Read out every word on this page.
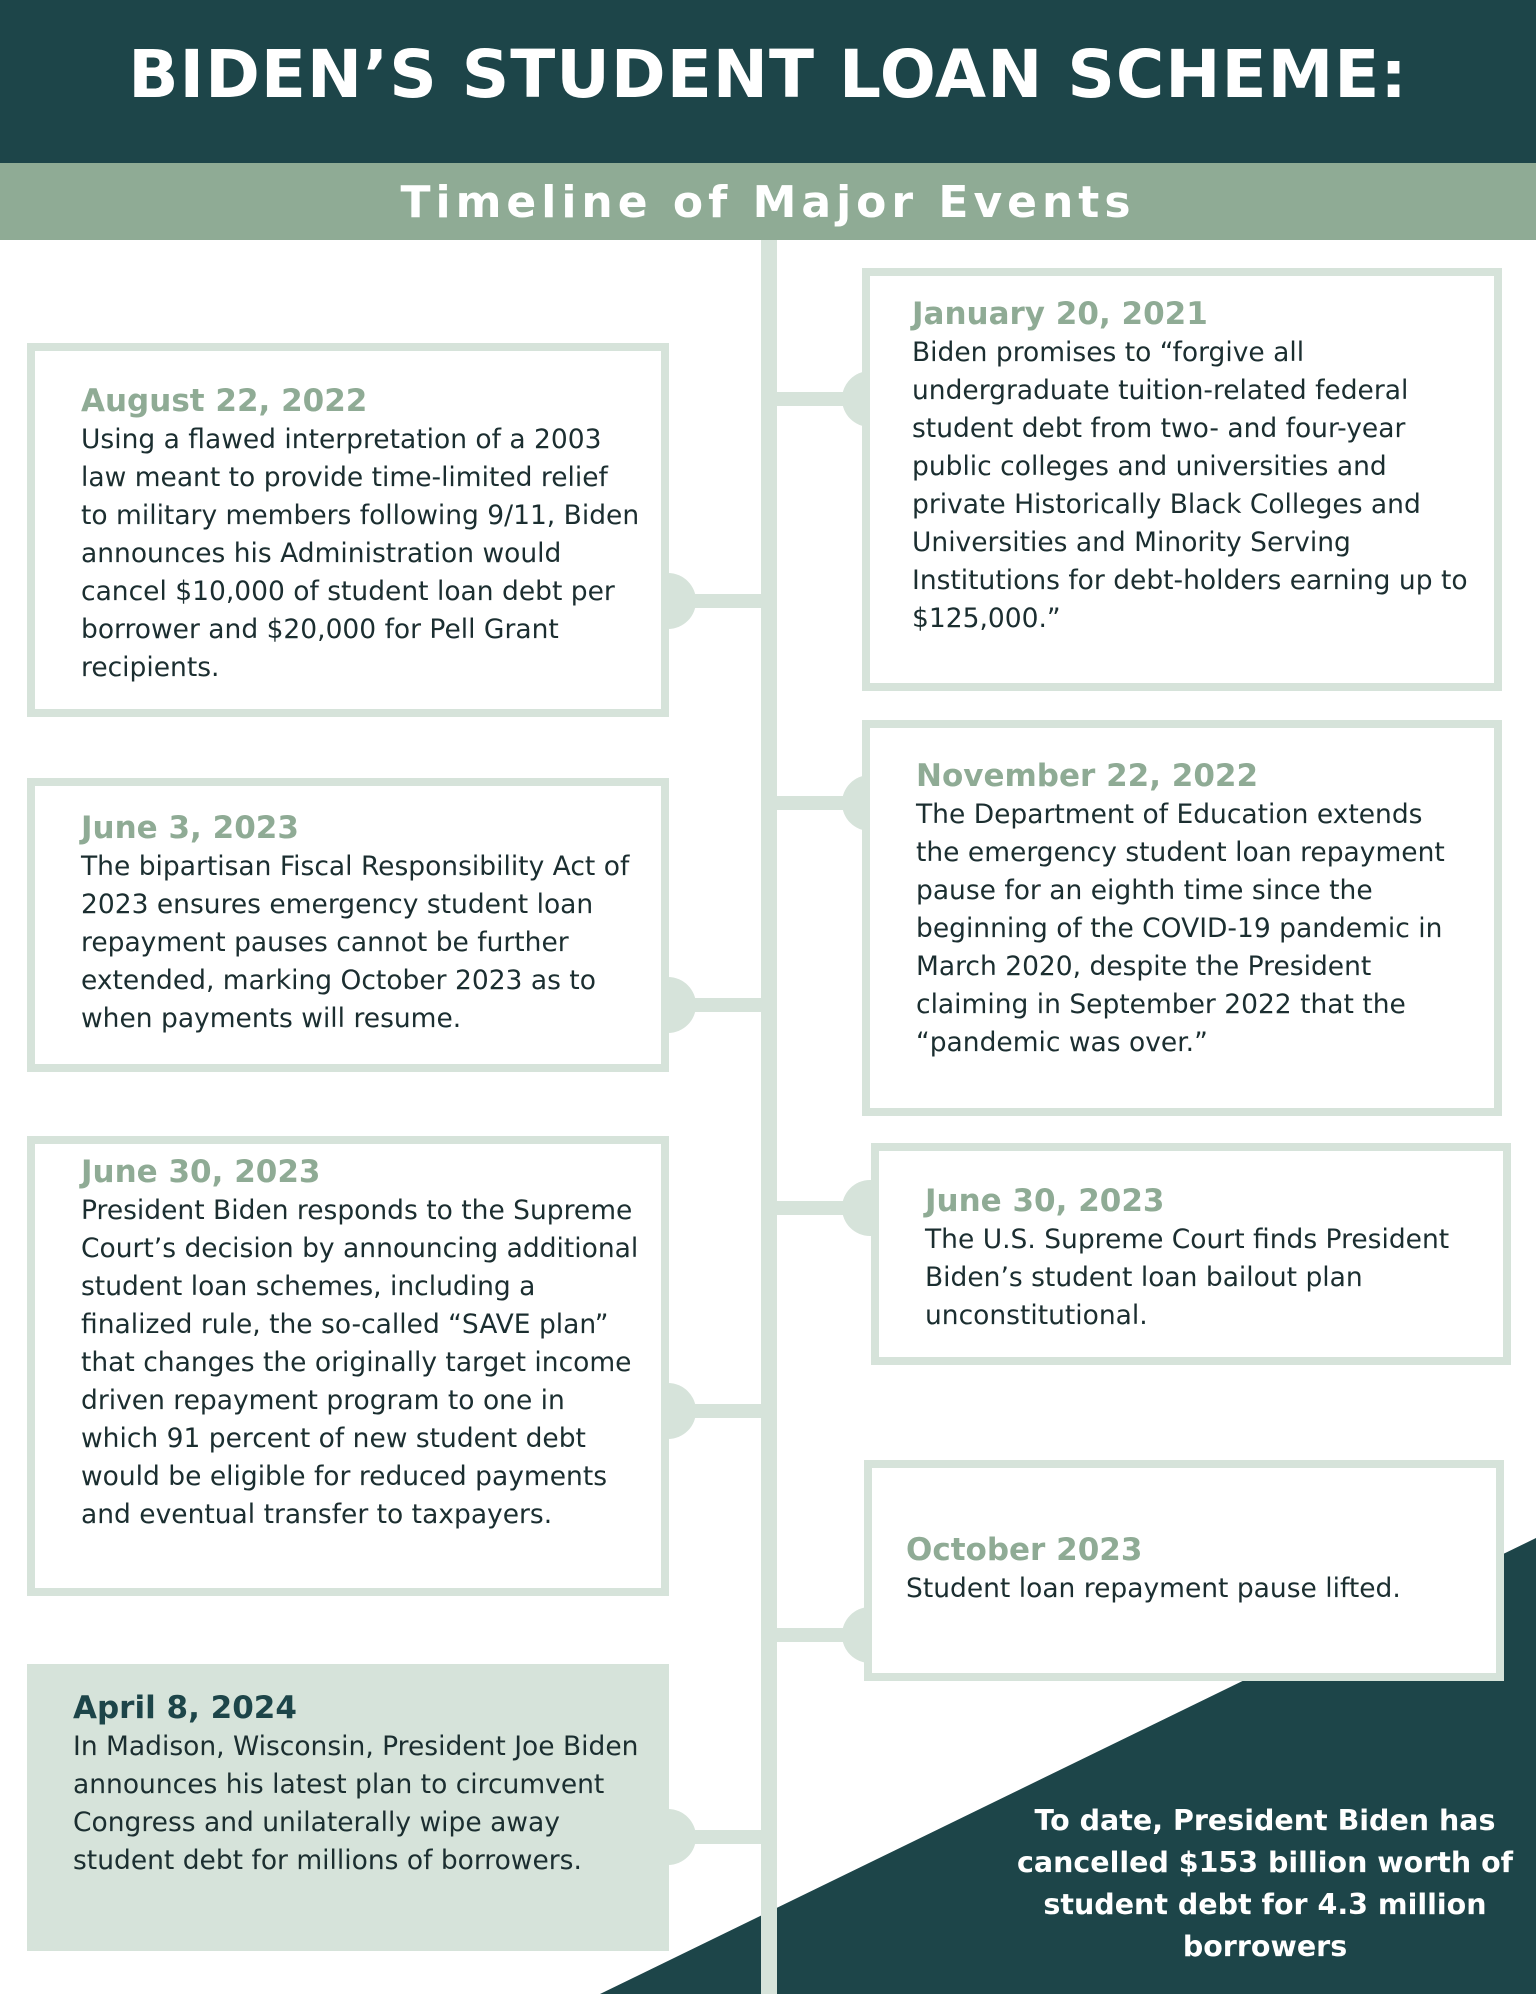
BIDEN’S STUDENT LOAN SCHEME:
Timeline of Major Events
August 22, 2022
Using a flawed interpretation of a 2003 law meant to provide time-limited relief to military members following 9/11, Biden announces his Administration would cancel $10,000 of student loan debt per borrower and $20,000 for Pell Grant recipients.
June 3, 2023
The bipartisan Fiscal Responsibility Act of 2023 ensures emergency student loan repayment pauses cannot be further extended, marking October 2023 as to when payments will resume.
June 30, 2023
President Biden responds to the Supreme Court’s decision by announcing additional student loan schemes, including a finalized rule, the so-called “SAVE plan” that changes the originally target income driven repayment program to one in which 91 percent of new student debt would be eligible for reduced payments and eventual transfer to taxpayers.
April 8, 2024
In Madison, Wisconsin, President Joe Biden announces his latest plan to circumvent Congress and unilaterally wipe away student debt for millions of borrowers.
January 20, 2021
Biden promises to “forgive all undergraduate tuition-related federal student debt from two- and four-year public colleges and universities and private Historically Black Colleges and Universities and Minority Serving Institutions for debt-holders earning up to $125,000.”
November 22, 2022
The Department of Education extends the emergency student loan repayment pause for an eighth time since the beginning of the COVID-19 pandemic in March 2020, despite the President claiming in September 2022 that the “pandemic was over.”
June 30, 2023
The U.S. Supreme Court finds President Biden’s student loan bailout plan unconstitutional.
October 2023
Student loan repayment pause lifted.
To date, President Biden has cancelled $153 billion worth of student debt for 4.3 million borrowers
